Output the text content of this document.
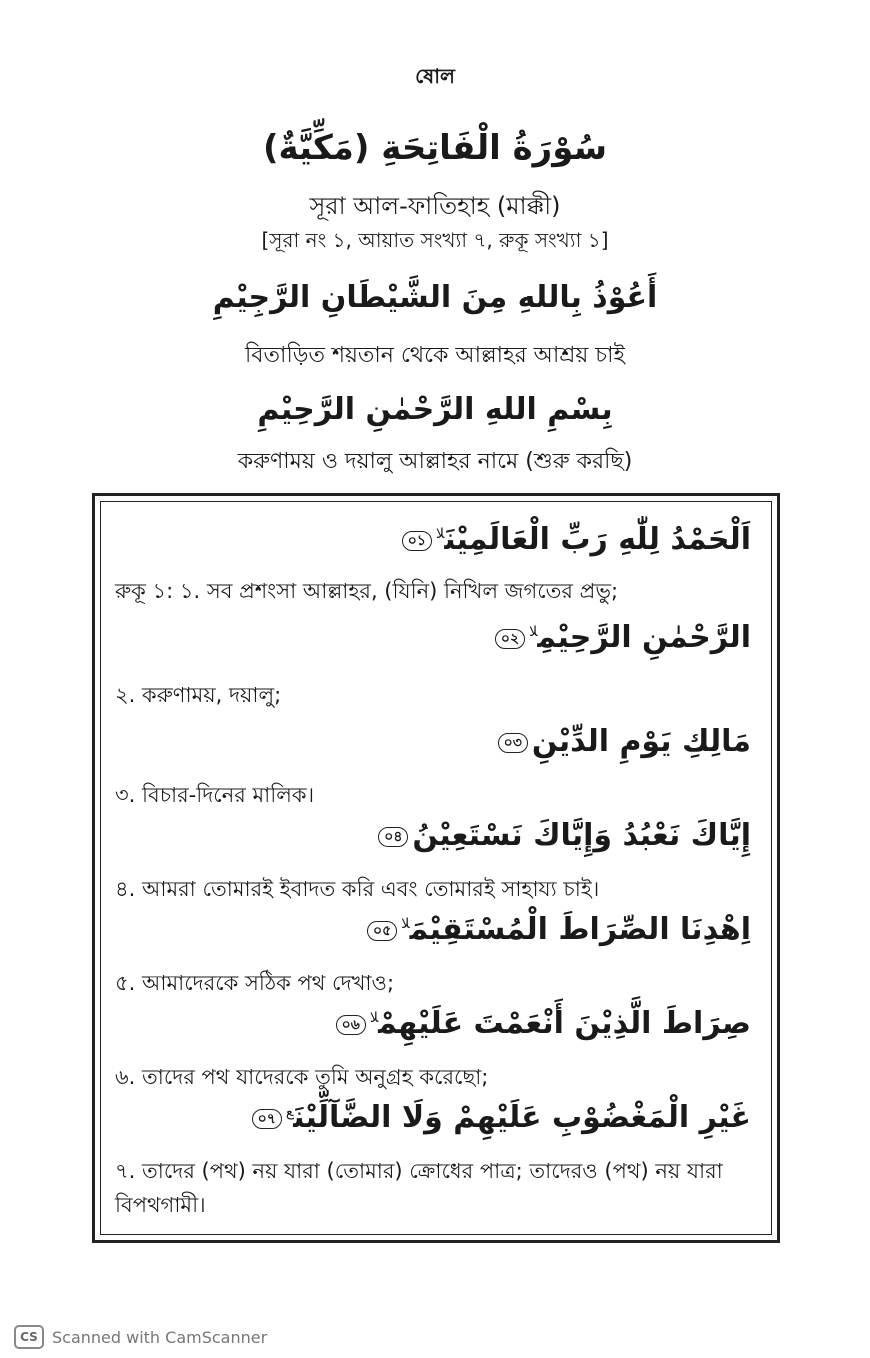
ষোল
سُوْرَةُ الْفَاتِحَةِ (مَكِّيَّةٌ)
সূরা আল-ফাতিহাহ (মাক্কী)
[সূরা নং ১, আয়াত সংখ্যা ৭, রুকূ সংখ্যা ১]
أَعُوْذُ بِاللهِ مِنَ الشَّيْطَانِ الرَّجِيْمِ
বিতাড়িত শয়তান থেকে আল্লাহর আশ্রয় চাই
بِسْمِ اللهِ الرَّحْمٰنِ الرَّحِيْمِ
করুণাময় ও দয়ালু আল্লাহর নামে (শুরু করছি)
اَلْحَمْدُ لِلّٰهِ رَبِّ الْعَالَمِيْنَ$^{لا}$০১
রুকূ ১: ১. সব প্রশংসা আল্লাহর, (যিনি) নিখিল জগতের প্রভু;
الرَّحْمٰنِ الرَّحِيْمِ$^{لا}$০২
২. করুণাময়, দয়ালু;
مَالِكِ يَوْمِ الدِّيْنِ০৩
৩. বিচার-দিনের মালিক।
إِيَّاكَ نَعْبُدُ وَإِيَّاكَ نَسْتَعِيْنُ০৪
৪. আমরা তোমারই ইবাদত করি এবং তোমারই সাহায্য চাই।
اِهْدِنَا الصِّرَاطَ الْمُسْتَقِيْمَ$^{لا}$০৫
৫. আমাদেরকে সঠিক পথ দেখাও;
صِرَاطَ الَّذِيْنَ أَنْعَمْتَ عَلَيْهِمْ$^{لا}$০৬
৬. তাদের পথ যাদেরকে তুমি অনুগ্রহ করেছো;
غَيْرِ الْمَغْضُوْبِ عَلَيْهِمْ وَلَا الضَّآلِّيْنَ$^ع$০৭
৭. তাদের (পথ) নয় যারা (তোমার) ক্রোধের পাত্র; তাদেরও (পথ) নয় যারা বিপথগামী।
CS Scanned with CamScanner
